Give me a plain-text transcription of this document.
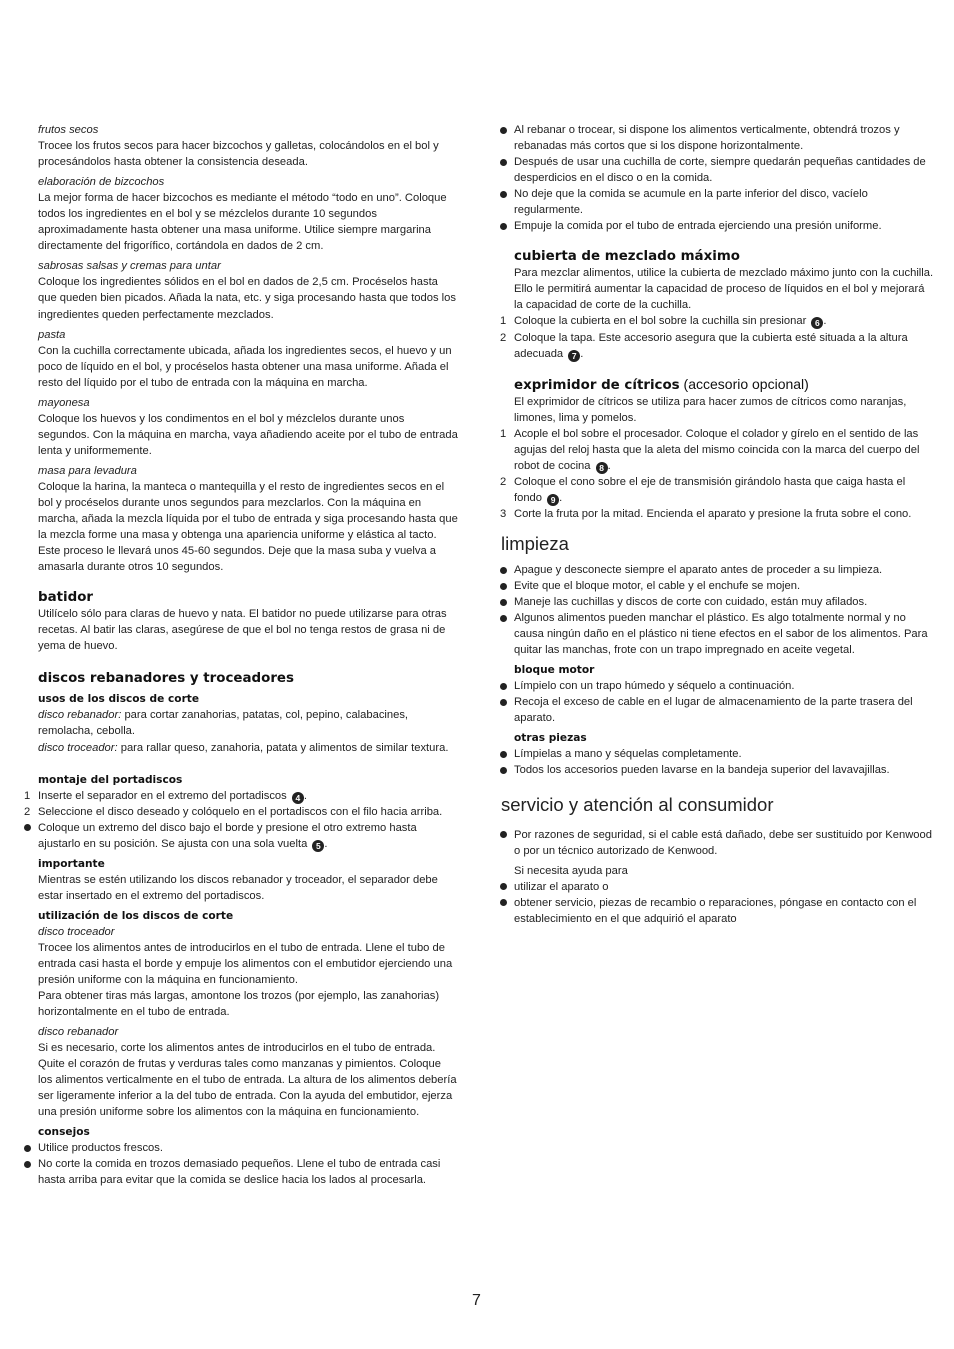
frutos secos

Trocee los frutos secos para hacer bizcochos y galletas, colocándolos en el bol y procesándolos hasta obtener la consistencia deseada.

elaboración de bizcochos

La mejor forma de hacer bizcochos es mediante el método “todo en uno”. Coloque todos los ingredientes en el bol y se mézclelos durante 10 segundos aproximadamente hasta obtener una masa uniforme. Utilice siempre margarina directamente del frigorífico, cortándola en dados de 2 cm.

sabrosas salsas y cremas para untar

Coloque los ingredientes sólidos en el bol en dados de 2,5 cm. Procéselos hasta que queden bien picados. Añada la nata, etc. y siga procesando hasta que todos los ingredientes queden perfectamente mezclados.

pasta

Con la cuchilla correctamente ubicada, añada los ingredientes secos, el huevo y un poco de líquido en el bol, y procéselos hasta obtener una masa uniforme. Añada el resto del líquido por el tubo de entrada con la máquina en marcha.

mayonesa

Coloque los huevos y los condimentos en el bol y mézclelos durante unos segundos. Con la máquina en marcha, vaya añadiendo aceite por el tubo de entrada lenta y uniformemente.

masa para levadura

Coloque la harina, la manteca o mantequilla y el resto de ingredientes secos en el bol y procéselos durante unos segundos para mezclarlos. Con la máquina en marcha, añada la mezcla líquida por el tubo de entrada y siga procesando hasta que la mezcla forme una masa y obtenga una apariencia uniforme y elástica al tacto. Este proceso le llevará unos 45-60 segundos. Deje que la masa suba y vuelva a amasarla durante otros 10 segundos.

batidor

Utilícelo sólo para claras de huevo y nata. El batidor no puede utilizarse para otras recetas. Al batir las claras, asegúrese de que el bol no tenga restos de grasa ni de yema de huevo.

discos rebanadores y troceadores

usos de los discos de corte

disco rebanador: para cortar zanahorias, patatas, col, pepino, calabacines, remolacha, cebolla.

disco troceador: para rallar queso, zanahoria, patata y alimentos de similar textura.

montaje del portadiscos

1 Inserte el separador en el extremo del portadiscos 4 .
2 Seleccione el disco deseado y colóquelo en el portadiscos con el filo hacia arriba.
Coloque un extremo del disco bajo el borde y presione el otro extremo hasta ajustarlo en su posición. Se ajusta con una sola vuelta 5 .

importante

Mientras se estén utilizando los discos rebanador y troceador, el separador debe estar insertado en el extremo del portadiscos.

utilización de los discos de corte

disco troceador

Trocee los alimentos antes de introducirlos en el tubo de entrada. Llene el tubo de entrada casi hasta el borde y empuje los alimentos con el embutidor ejerciendo una presión uniforme con la máquina en funcionamiento.

Para obtener tiras más largas, amontone los trozos (por ejemplo, las zanahorias) horizontalmente en el tubo de entrada.

disco rebanador

Si es necesario, corte los alimentos antes de introducirlos en el tubo de entrada. Quite el corazón de frutas y verduras tales como manzanas y pimientos. Coloque los alimentos verticalmente en el tubo de entrada. La altura de los alimentos debería ser ligeramente inferior a la del tubo de entrada. Con la ayuda del embutidor, ejerza una presión uniforme sobre los alimentos con la máquina en funcionamiento.

consejos

Utilice productos frescos.
No corte la comida en trozos demasiado pequeños. Llene el tubo de entrada casi hasta arriba para evitar que la comida se deslice hacia los lados al procesarla.
Al rebanar o trocear, si dispone los alimentos verticalmente, obtendrá trozos y rebanadas más cortos que si los dispone horizontalmente.
Después de usar una cuchilla de corte, siempre quedarán pequeñas cantidades de desperdicios en el disco o en la comida.
No deje que la comida se acumule en la parte inferior del disco, vacíelo regularmente.
Empuje la comida por el tubo de entrada ejerciendo una presión uniforme.

cubierta de mezclado máximo

Para mezclar alimentos, utilice la cubierta de mezclado máximo junto con la cuchilla. Ello le permitirá aumentar la capacidad de proceso de líquidos en el bol y mejorará la capacidad de corte de la cuchilla.

1 Coloque la cubierta en el bol sobre la cuchilla sin presionar 6 .
2 Coloque la tapa. Este accesorio asegura que la cubierta esté situada a la altura adecuada 7 .

exprimidor de cítricos (accesorio opcional)

El exprimidor de cítricos se utiliza para hacer zumos de cítricos como naranjas, limones, lima y pomelos.

1 Acople el bol sobre el procesador. Coloque el colador y gírelo en el sentido de las agujas del reloj hasta que la aleta del mismo coincida con la marca del cuerpo del robot de cocina 8 .
2 Coloque el cono sobre el eje de transmisión girándolo hasta que caiga hasta el fondo 9 .
3 Corte la fruta por la mitad. Encienda el aparato y presione la fruta sobre el cono.

limpieza

Apague y desconecte siempre el aparato antes de proceder a su limpieza.
Evite que el bloque motor, el cable y el enchufe se mojen.
Maneje las cuchillas y discos de corte con cuidado, están muy afilados.
Algunos alimentos pueden manchar el plástico. Es algo totalmente normal y no causa ningún daño en el plástico ni tiene efectos en el sabor de los alimentos. Para quitar las manchas, frote con un trapo impregnado en aceite vegetal.

bloque motor

Límpielo con un trapo húmedo y séquelo a continuación.
Recoja el exceso de cable en el lugar de almacenamiento de la parte trasera del aparato.

otras piezas

Límpielas a mano y séquelas completamente.
Todos los accesorios pueden lavarse en la bandeja superior del lavavajillas.

servicio y atención al consumidor

Por razones de seguridad, si el cable está dañado, debe ser sustituido por Kenwood o por un técnico autorizado de Kenwood.

Si necesita ayuda para

utilizar el aparato o
obtener servicio, piezas de recambio o reparaciones, póngase en contacto con el establecimiento en el que adquirió el aparato
7
